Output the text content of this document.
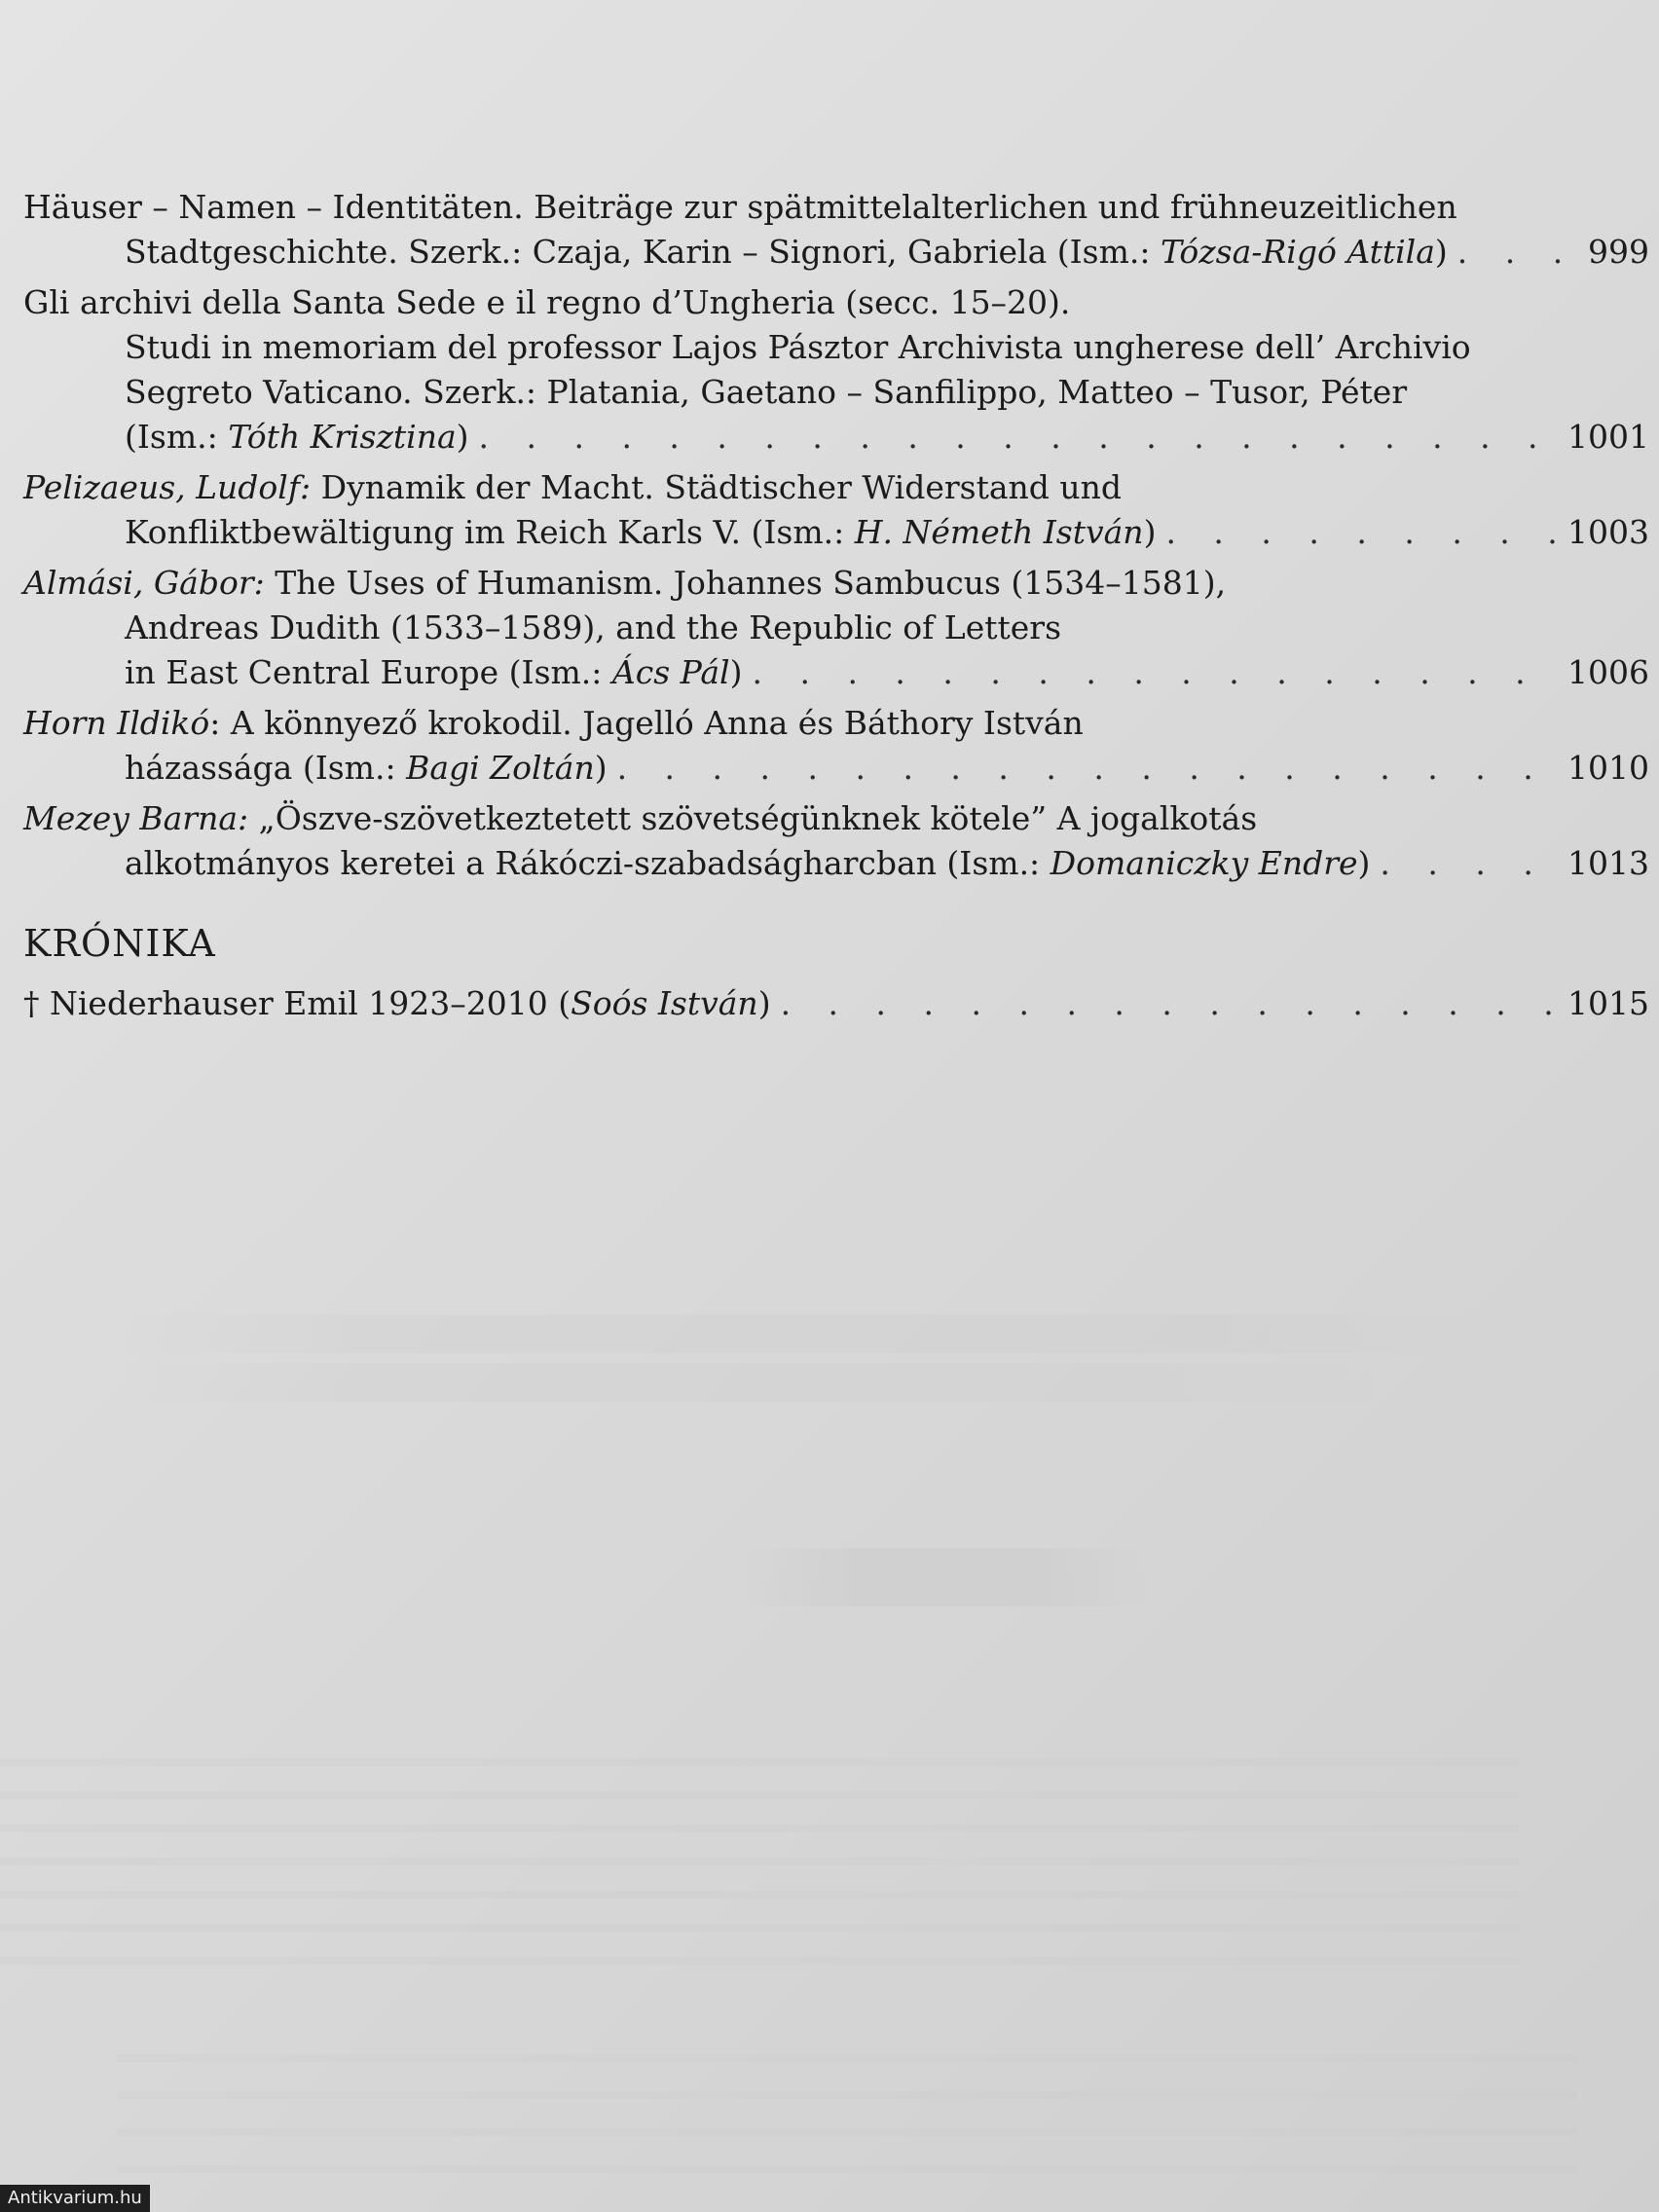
Häuser – Namen – Identitäten. Beiträge zur spätmittelalterlichen und frühneuzeitlichen
Stadtgeschichte. Szerk.: Czaja, Karin – Signori, Gabriela (Ism.: Tózsa-Rigó Attila) . . .	999
Gli archivi della Santa Sede e il regno d’Ungheria (secc. 15–20).
Studi in memoriam del professor Lajos Pásztor Archivista ungherese dell’ Archivio
Segreto Vaticano. Szerk.: Platania, Gaetano – Sanfilippo, Matteo – Tusor, Péter
(Ism.: Tóth Krisztina) . . .	1001
Pelizaeus, Ludolf: Dynamik der Macht. Städtischer Widerstand und
Konfliktbewältigung im Reich Karls V. (Ism.: H. Németh István) . . .	1003
Almási, Gábor: The Uses of Humanism. Johannes Sambucus (1534–1581),
Andreas Dudith (1533–1589), and the Republic of Letters
in East Central Europe (Ism.: Ács Pál) . . .	1006
Horn Ildikó: A könnyező krokodil. Jagelló Anna és Báthory István
házassága (Ism.: Bagi Zoltán) . . .	1010
Mezey Barna: „Öszve-szövetkeztetett szövetségünknek kötele” A jogalkotás
alkotmányos keretei a Rákóczi-szabadságharcban (Ism.: Domaniczky Endre) . . .	1013
KRÓNIKA
† Niederhauser Emil 1923–2010 (Soós István) . . .	1015
Antikvarium.hu
